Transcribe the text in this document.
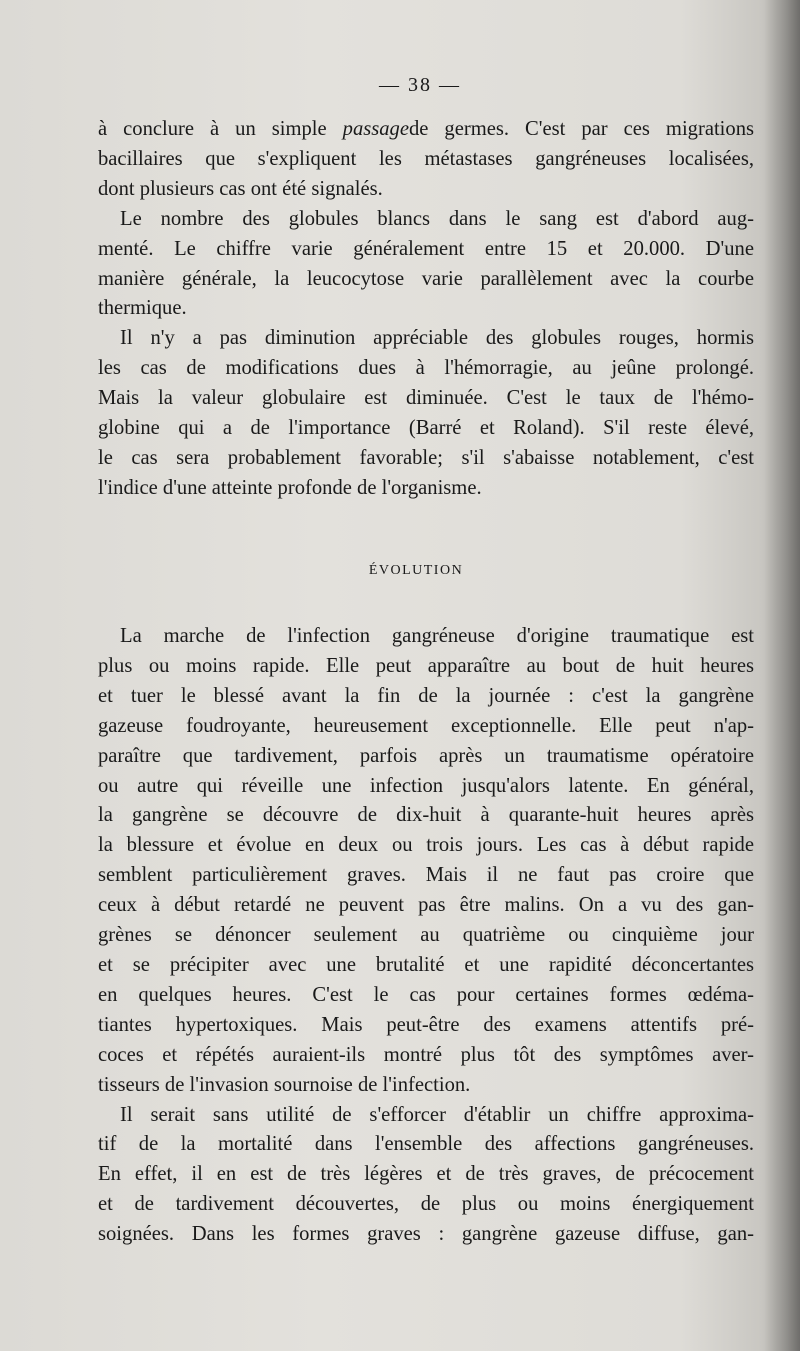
— 38 —
à conclure à un simple passagede germes. C'est par ces migrations
bacillaires que s'expliquent les métastases gangréneuses localisées,
dont plusieurs cas ont été signalés.
Le nombre des globules blancs dans le sang est d'abord aug-
menté. Le chiffre varie généralement entre 15 et 20.000. D'une
manière générale, la leucocytose varie parallèlement avec la courbe
thermique.
Il n'y a pas diminution appréciable des globules rouges, hormis
les cas de modifications dues à l'hémorragie, au jeûne prolongé.
Mais la valeur globulaire est diminuée. C'est le taux de l'hémo-
globine qui a de l'importance (Barré et Roland). S'il reste élevé,
le cas sera probablement favorable; s'il s'abaisse notablement, c'est
l'indice d'une atteinte profonde de l'organisme.
ÉVOLUTION
La marche de l'infection gangréneuse d'origine traumatique est
plus ou moins rapide. Elle peut apparaître au bout de huit heures
et tuer le blessé avant la fin de la journée : c'est la gangrène
gazeuse foudroyante, heureusement exceptionnelle. Elle peut n'ap-
paraître que tardivement, parfois après un traumatisme opératoire
ou autre qui réveille une infection jusqu'alors latente. En général,
la gangrène se découvre de dix-huit à quarante-huit heures après
la blessure et évolue en deux ou trois jours. Les cas à début rapide
semblent particulièrement graves. Mais il ne faut pas croire que
ceux à début retardé ne peuvent pas être malins. On a vu des gan-
grènes se dénoncer seulement au quatrième ou cinquième jour
et se précipiter avec une brutalité et une rapidité déconcertantes
en quelques heures. C'est le cas pour certaines formes œdéma-
tiantes hypertoxiques. Mais peut-être des examens attentifs pré-
coces et répétés auraient-ils montré plus tôt des symptômes aver-
tisseurs de l'invasion sournoise de l'infection.
Il serait sans utilité de s'efforcer d'établir un chiffre approxima-
tif de la mortalité dans l'ensemble des affections gangréneuses.
En effet, il en est de très légères et de très graves, de précocement
et de tardivement découvertes, de plus ou moins énergiquement
soignées. Dans les formes graves : gangrène gazeuse diffuse, gan-
